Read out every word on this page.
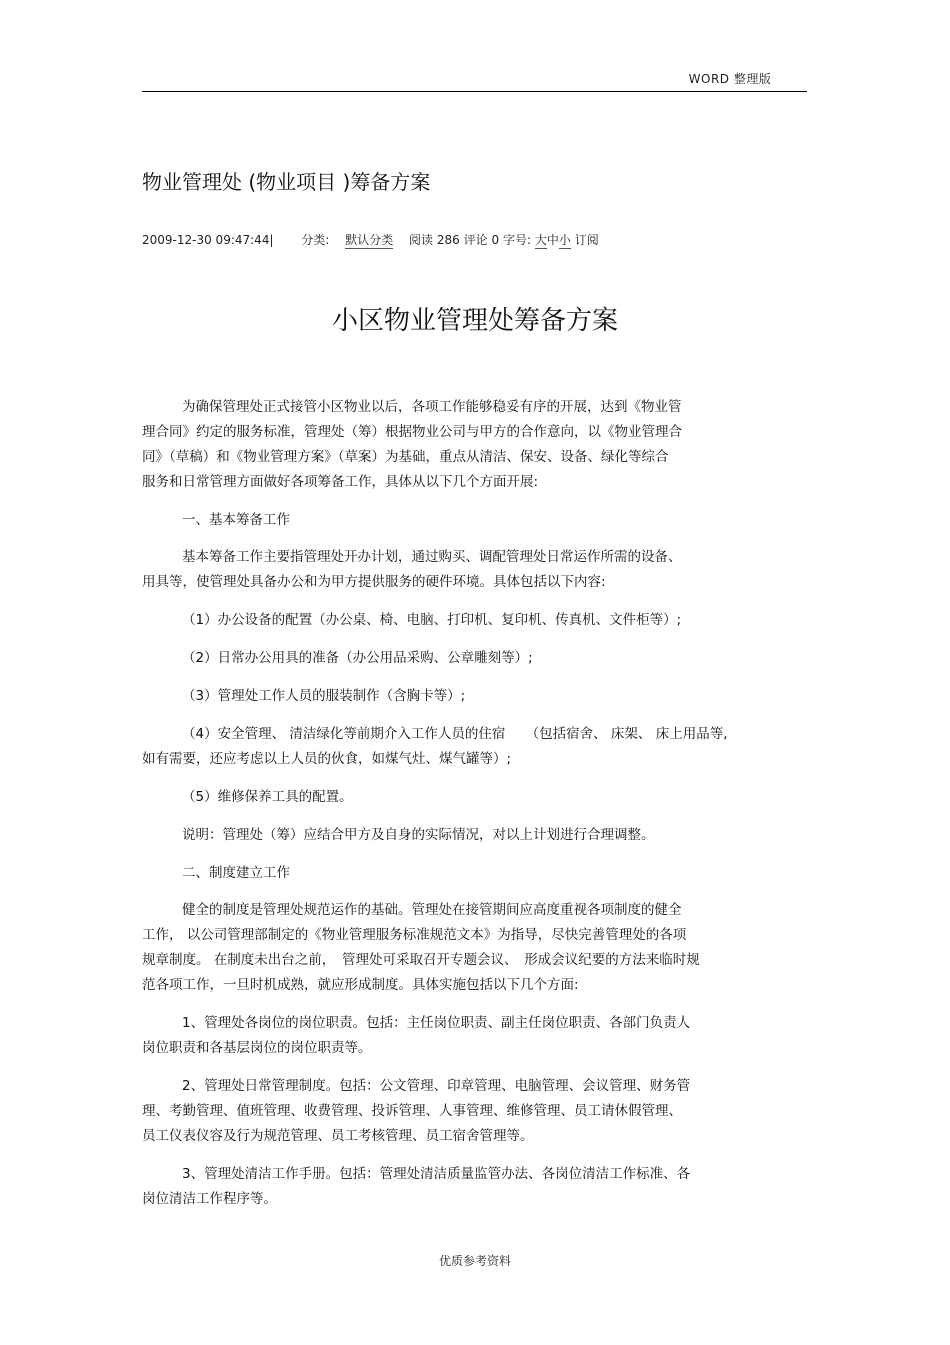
WORD 整理版
物业管理处 (物业项目 )筹备方案
2009-12-30 09:47:44| 分类: 默认分类 阅读 286 评论 0 字号: 大中小 订阅
小区物业管理处筹备方案
为确保管理处正式接管小区物业以后，各项工作能够稳妥有序的开展，达到《物业管
理合同》约定的服务标准，管理处（筹）根据物业公司与甲方的合作意向，以《物业管理合
同》（草稿）和《物业管理方案》（草案）为基础，重点从清洁、保安、设备、绿化等综合
服务和日常管理方面做好各项筹备工作，具体从以下几个方面开展:
一、基本筹备工作
基本筹备工作主要指管理处开办计划，通过购买、调配管理处日常运作所需的设备、
用具等，使管理处具备办公和为甲方提供服务的硬件环境。具体包括以下内容:
（1）办公设备的配置（办公桌、椅、电脑、打印机、复印机、传真机、文件柜等）;
（2）日常办公用具的准备（办公用品采购、公章雕刻等）;
（3）管理处工作人员的服装制作（含胸卡等）;
（4）安全管理、 清洁绿化等前期介入工作人员的住宿　　（包括宿舍、 床架、 床上用品等,
如有需要，还应考虑以上人员的伙食，如煤气灶、煤气罐等）;
（5）维修保养工具的配置。
说明：管理处（筹）应结合甲方及自身的实际情况，对以上计划进行合理调整。
二、制度建立工作
健全的制度是管理处规范运作的基础。管理处在接管期间应高度重视各项制度的健全
工作， 以公司管理部制定的《物业管理服务标准规范文本》为指导，尽快完善管理处的各项
规章制度。 在制度未出台之前，　管理处可采取召开专题会议、　形成会议纪要的方法来临时规
范各项工作，一旦时机成熟，就应形成制度。具体实施包括以下几个方面:
1、管理处各岗位的岗位职责。包括：主任岗位职责、副主任岗位职责、各部门负责人
岗位职责和各基层岗位的岗位职责等。
2、管理处日常管理制度。包括：公文管理、印章管理、电脑管理、会议管理、财务管
理、考勤管理、值班管理、收费管理、投诉管理、人事管理、维修管理、员工请休假管理、
员工仪表仪容及行为规范管理、员工考核管理、员工宿舍管理等。
3、管理处清洁工作手册。包括：管理处清洁质量监管办法、各岗位清洁工作标准、各
岗位清洁工作程序等。
优质参考资料
